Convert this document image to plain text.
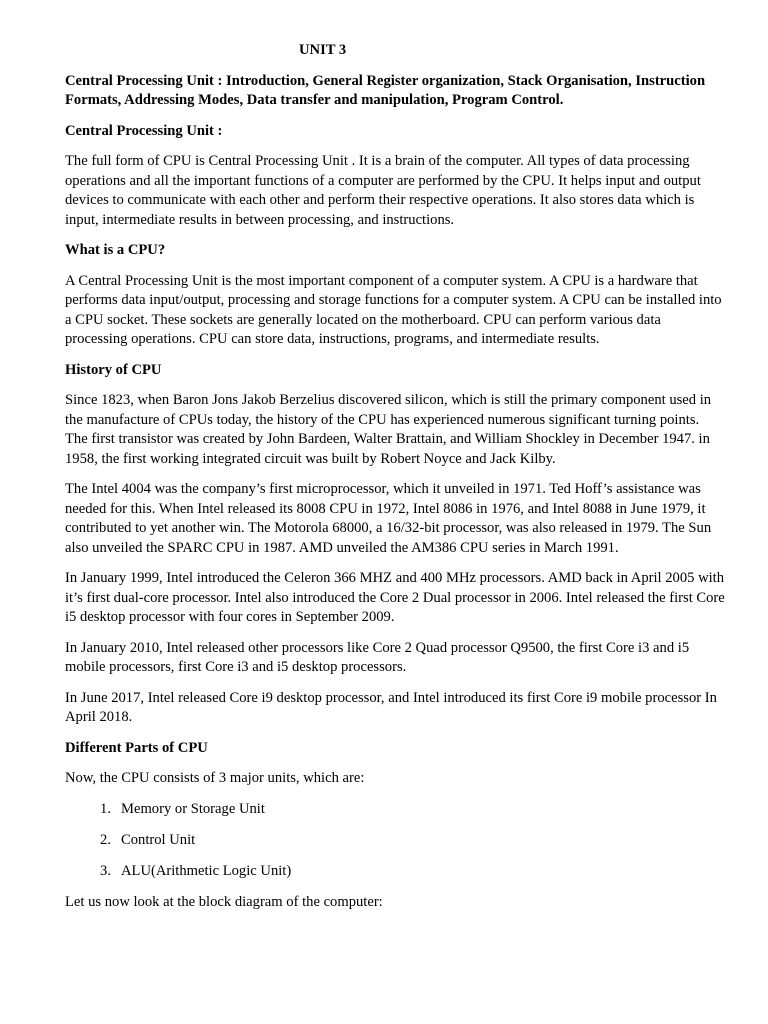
UNIT 3
Central Processing Unit : Introduction, General Register organization, Stack Organisation, Instruction Formats, Addressing Modes, Data transfer and manipulation, Program Control.
Central Processing Unit :
The full form of CPU is Central Processing Unit . It is a brain of the computer. All types of data processing operations and all the important functions of a computer are performed by the CPU. It helps input and output devices to communicate with each other and perform their respective operations. It also stores data which is input, intermediate results in between processing, and instructions.
What is a CPU?
A Central Processing Unit is the most important component of a computer system. A CPU is a hardware that performs data input/output, processing and storage functions for a computer system. A CPU can be installed into a CPU socket. These sockets are generally located on the motherboard. CPU can perform various data processing operations. CPU can store data, instructions, programs, and intermediate results.
History of CPU
Since 1823, when Baron Jons Jakob Berzelius discovered silicon, which is still the primary component used in the manufacture of CPUs today, the history of the CPU has experienced numerous significant turning points. The first transistor was created by John Bardeen, Walter Brattain, and William Shockley in December 1947. in 1958, the first working integrated circuit was built by Robert Noyce and Jack Kilby.
The Intel 4004 was the company’s first microprocessor, which it unveiled in 1971. Ted Hoff’s assistance was needed for this. When Intel released its 8008 CPU in 1972, Intel 8086 in 1976, and Intel 8088 in June 1979, it contributed to yet another win. The Motorola 68000, a 16/32-bit processor, was also released in 1979. The Sun also unveiled the SPARC CPU in 1987. AMD unveiled the AM386 CPU series in March 1991.
In January 1999, Intel introduced the Celeron 366 MHZ and 400 MHz processors. AMD back in April 2005 with it’s first dual-core processor. Intel also introduced the Core 2 Dual processor in 2006. Intel released the first Core i5 desktop processor with four cores in September 2009.
In January 2010, Intel released other processors like Core 2 Quad processor Q9500, the first Core i3 and i5 mobile processors, first Core i3 and i5 desktop processors.
In June 2017, Intel released Core i9 desktop processor, and Intel introduced its first Core i9 mobile processor In April 2018.
Different Parts of CPU
Now, the CPU consists of 3 major units, which are:
1. Memory or Storage Unit
2. Control Unit
3. ALU(Arithmetic Logic Unit)
Let us now look at the block diagram of the computer:
